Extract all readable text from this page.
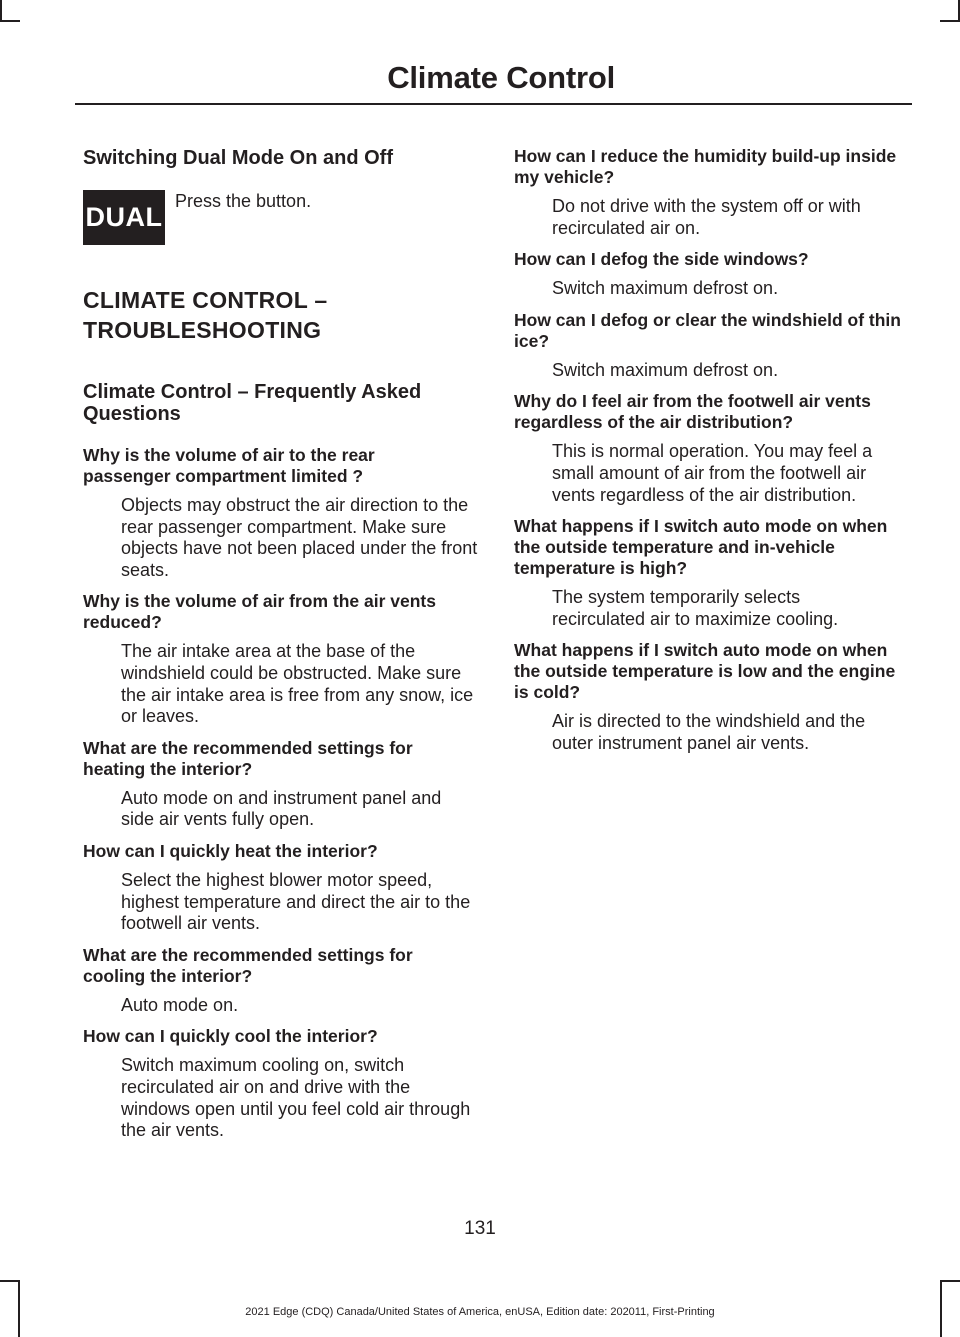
Climate Control
Switching Dual Mode On and Off
DUAL
Press the button.
CLIMATE CONTROL –
TROUBLESHOOTING
Climate Control – Frequently Asked Questions

Why is the volume of air to the rear passenger compartment limited ?

Objects may obstruct the air direction to the rear passenger compartment. Make sure objects have not been placed under the front seats.

Why is the volume of air from the air vents reduced?

The air intake area at the base of the windshield could be obstructed. Make sure the air intake area is free from any snow, ice or leaves.

What are the recommended settings for heating the interior?

Auto mode on and instrument panel and side air vents fully open.

How can I quickly heat the interior?

Select the highest blower motor speed, highest temperature and direct the air to the footwell air vents.

What are the recommended settings for cooling the interior?

Auto mode on.

How can I quickly cool the interior?

Switch maximum cooling on, switch recirculated air on and drive with the windows open until you feel cold air through the air vents.

How can I reduce the humidity build-up inside my vehicle?

Do not drive with the system off or with recirculated air on.

How can I defog the side windows?

Switch maximum defrost on.

How can I defog or clear the windshield of thin ice?

Switch maximum defrost on.

Why do I feel air from the footwell air vents regardless of the air distribution?

This is normal operation. You may feel a small amount of air from the footwell air vents regardless of the air distribution.

What happens if I switch auto mode on when the outside temperature and in-vehicle temperature is high?

The system temporarily selects recirculated air to maximize cooling.

What happens if I switch auto mode on when the outside temperature is low and the engine is cold?

Air is directed to the windshield and the outer instrument panel air vents.

131
2021 Edge (CDQ) Canada/United States of America, enUSA, Edition date: 202011, First-Printing
